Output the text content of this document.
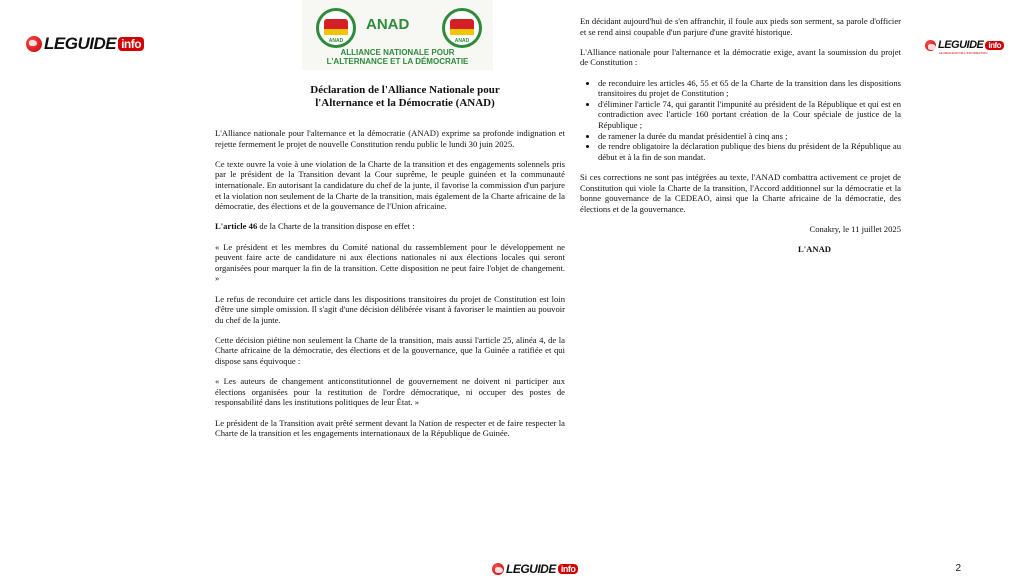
LEGUIDE info	LEGUIDE info
LE MEILLEUR DE L'INFORMATION
ANAD
ANAD
ANAD
ALLIANCE NATIONALE POUR
L'ALTERNANCE ET LA DÉMOCRATIE
Déclaration de l'Alliance Nationale pour
l'Alternance et la Démocratie (ANAD)

L'Alliance nationale pour l'alternance et la démocratie (ANAD) exprime sa profonde indignation et rejette fermement le projet de nouvelle Constitution rendu public le lundi 30 juin 2025.

Ce texte ouvre la voie à une violation de la Charte de la transition et des engagements solennels pris par le président de la Transition devant la Cour suprême, le peuple guinéen et la communauté internationale. En autorisant la candidature du chef de la junte, il favorise la commission d'un parjure et la violation non seulement de la Charte de la transition, mais également de la Charte africaine de la démocratie, des élections et de la gouvernance de l'Union africaine.

L'article 46 de la Charte de la transition dispose en effet :

« Le président et les membres du Comité national du rassemblement pour le développement ne peuvent faire acte de candidature ni aux élections nationales ni aux élections locales qui seront organisées pour marquer la fin de la transition. Cette disposition ne peut faire l'objet de changement. »

Le refus de reconduire cet article dans les dispositions transitoires du projet de Constitution est loin d'être une simple omission. Il s'agit d'une décision délibérée visant à favoriser le maintien au pouvoir du chef de la junte.

Cette décision piétine non seulement la Charte de la transition, mais aussi l'article 25, alinéa 4, de la Charte africaine de la démocratie, des élections et de la gouvernance, que la Guinée a ratifiée et qui dispose sans équivoque :

« Les auteurs de changement anticonstitutionnel de gouvernement ne doivent ni participer aux élections organisées pour la restitution de l'ordre démocratique, ni occuper des postes de responsabilité dans les institutions politiques de leur État. »

Le président de la Transition avait prêté serment devant la Nation de respecter et de faire respecter la Charte de la transition et les engagements internationaux de la République de Guinée.

En décidant aujourd'hui de s'en affranchir, il foule aux pieds son serment, sa parole d'officier et se rend ainsi coupable d'un parjure d'une gravité historique.

L'Alliance nationale pour l'alternance et la démocratie exige, avant la soumission du projet de Constitution :

• de reconduire les articles 46, 55 et 65 de la Charte de la transition dans les dispositions transitoires du projet de Constitution ;
• d'éliminer l'article 74, qui garantit l'impunité au président de la République et qui est en contradiction avec l'article 160 portant création de la Cour spéciale de justice de la République ;
• de ramener la durée du mandat présidentiel à cinq ans ;
• de rendre obligatoire la déclaration publique des biens du président de la République au début et à la fin de son mandat.

Si ces corrections ne sont pas intégrées au texte, l'ANAD combattra activement ce projet de Constitution qui viole la Charte de la transition, l'Accord additionnel sur la démocratie et la bonne gouvernance de la CEDEAO, ainsi que la Charte africaine de la démocratie, des élections et de la gouvernance.

Conakry, le 11 juillet 2025

L'ANAD

LEGUIDE info	2
